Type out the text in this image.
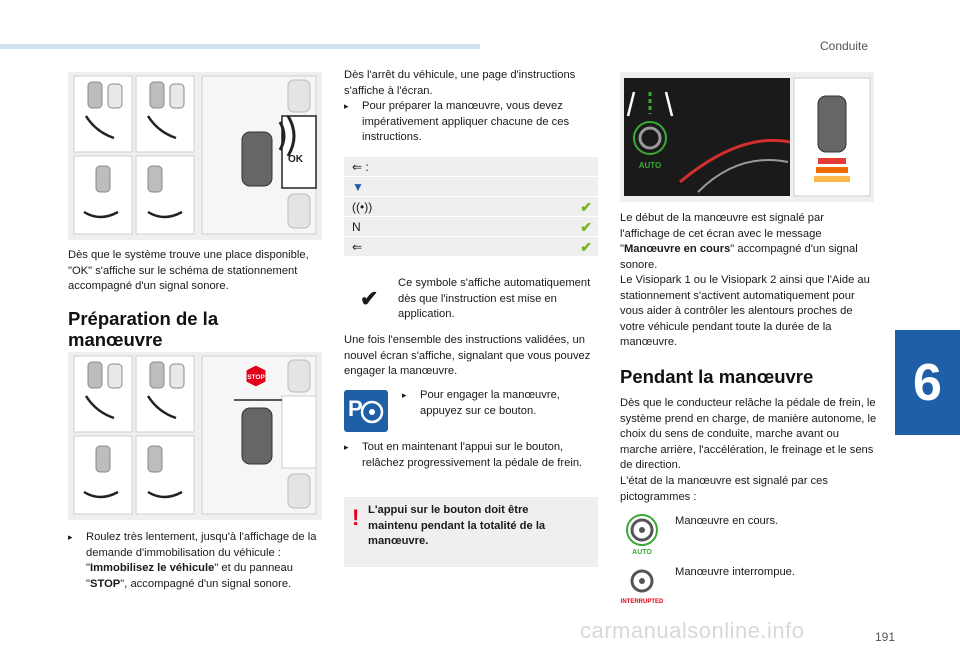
Conduite
6
191
carmanualsonline.info
OK
Dès que le système trouve une place disponible, "OK" s'affiche sur le schéma de stationnement accompagné d'un signal sonore.
Préparation de la manœuvre
STOP
▸	Roulez très lentement, jusqu'à l'affichage de la demande d'immobilisation du véhicule : "Immobilisez le véhicule" et du panneau "STOP", accompagné d'un signal sonore.
Dès l'arrêt du véhicule, une page d'instructions s'affiche à l'écran.
▸	Pour préparer la manœuvre, vous devez impérativement appliquer chacune de ces instructions.
⇐ :
▼
((•))	✔
N	✔
⇐	✔
✔
Ce symbole s'affiche automatiquement dès que l'instruction est mise en application.
Une fois l'ensemble des instructions validées, un nouvel écran s'affiche, signalant que vous pouvez engager la manœuvre.
P
▸	Pour engager la manœuvre, appuyez sur ce bouton.
▸	Tout en maintenant l'appui sur le bouton, relâchez progressivement la pédale de frein.
! L'appui sur le bouton doit être maintenu pendant la totalité de la manœuvre.
AUTO
Le début de la manœuvre est signalé par l'affichage de cet écran avec le message "Manœuvre en cours" accompagné d'un signal sonore.
Le Visiopark 1 ou le Visiopark 2 ainsi que l'Aide au stationnement s'activent automatiquement pour vous aider à contrôler les alentours proches de votre véhicule pendant toute la durée de la manœuvre.
Pendant la manœuvre
Dès que le conducteur relâche la pédale de frein, le système prend en charge, de manière autonome, le choix du sens de conduite, marche avant ou marche arrière, l'accélération, le freinage et le sens de direction.
L'état de la manœuvre est signalé par ces pictogrammes :
AUTO
Manœuvre en cours.
INTERRUPTED
Manœuvre interrompue.
